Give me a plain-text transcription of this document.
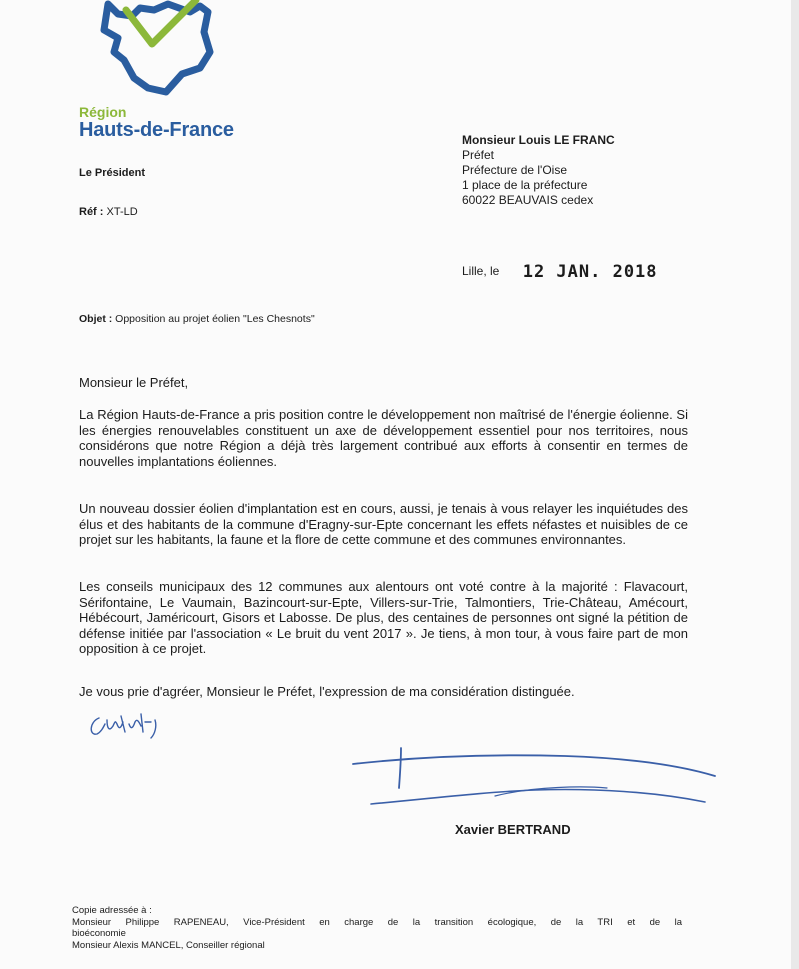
Région
Hauts-de-France
Le Président
Réf : XT-LD
Monsieur Louis LE FRANC
Préfet
Préfecture de l'Oise
1 place de la préfecture
60022 BEAUVAIS cedex
Lille, le 12 JAN. 2018
Objet : Opposition au projet éolien "Les Chesnots"
Monsieur le Préfet,
La Région Hauts-de-France a pris position contre le développement non maîtrisé de l'énergie éolienne. Si les énergies renouvelables constituent un axe de développement essentiel pour nos territoires, nous considérons que notre Région a déjà très largement contribué aux efforts à consentir en termes de nouvelles implantations éoliennes.
Un nouveau dossier éolien d'implantation est en cours, aussi, je tenais à vous relayer les inquiétudes des élus et des habitants de la commune d'Eragny-sur-Epte concernant les effets néfastes et nuisibles de ce projet sur les habitants, la faune et la flore de cette commune et des communes environnantes.
Les conseils municipaux des 12 communes aux alentours ont voté contre à la majorité : Flavacourt, Sérifontaine, Le Vaumain, Bazincourt-sur-Epte, Villers-sur-Trie, Talmontiers, Trie-Château, Amécourt, Hébécourt, Jaméricourt, Gisors et Labosse. De plus, des centaines de personnes ont signé la pétition de défense initiée par l'association « Le bruit du vent 2017 ». Je tiens, à mon tour, à vous faire part de mon opposition à ce projet.
Je vous prie d'agréer, Monsieur le Préfet, l'expression de ma considération distinguée.
Xavier BERTRAND
Copie adressée à :
Monsieur Philippe RAPENEAU, Vice-Président en charge de la transition écologique, de la TRI et de la
bioéconomie
Monsieur Alexis MANCEL, Conseiller régional
